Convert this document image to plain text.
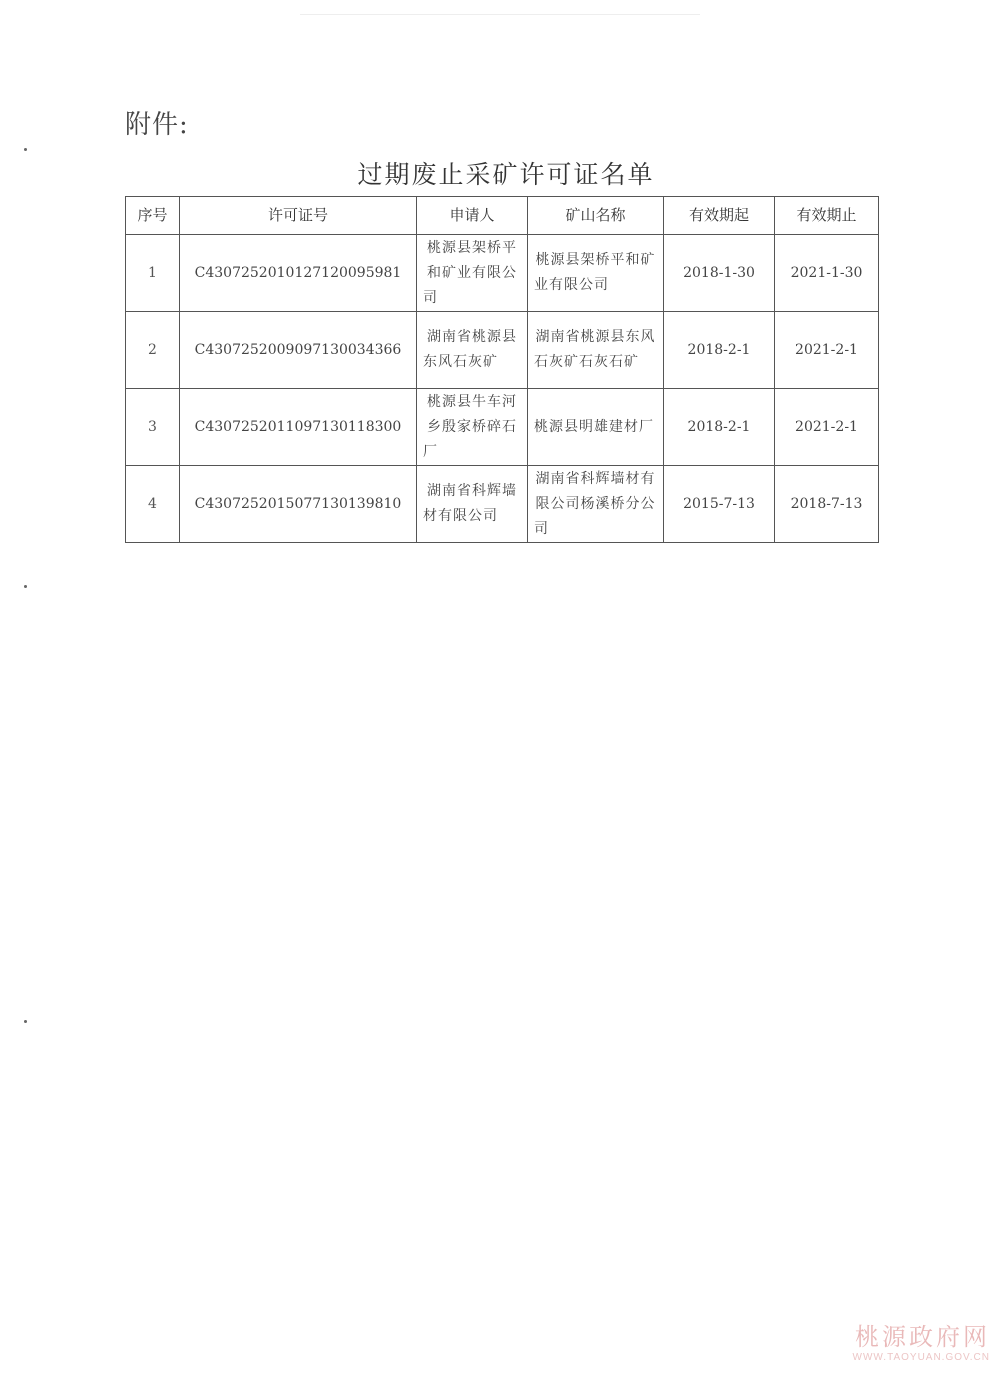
附件:
过期废止采矿许可证名单
序号	许可证号	申请人	矿山名称	有效期起	有效期止
1	C4307252010127120095981	桃源县架桥平和矿业有限公司	桃源县架桥平和矿业有限公司	2018-1-30	2021-1-30
2	C4307252009097130034366	湖南省桃源县东风石灰矿	湖南省桃源县东风石灰矿石灰石矿	2018-2-1	2021-2-1
3	C4307252011097130118300	桃源县牛车河乡殷家桥碎石厂	桃源县明雄建材厂	2018-2-1	2021-2-1
4	C4307252015077130139810	湖南省科辉墙材有限公司	湖南省科辉墙材有限公司杨溪桥分公司	2015-7-13	2018-7-13
桃源政府网
WWW.TAOYUAN.GOV.CN
